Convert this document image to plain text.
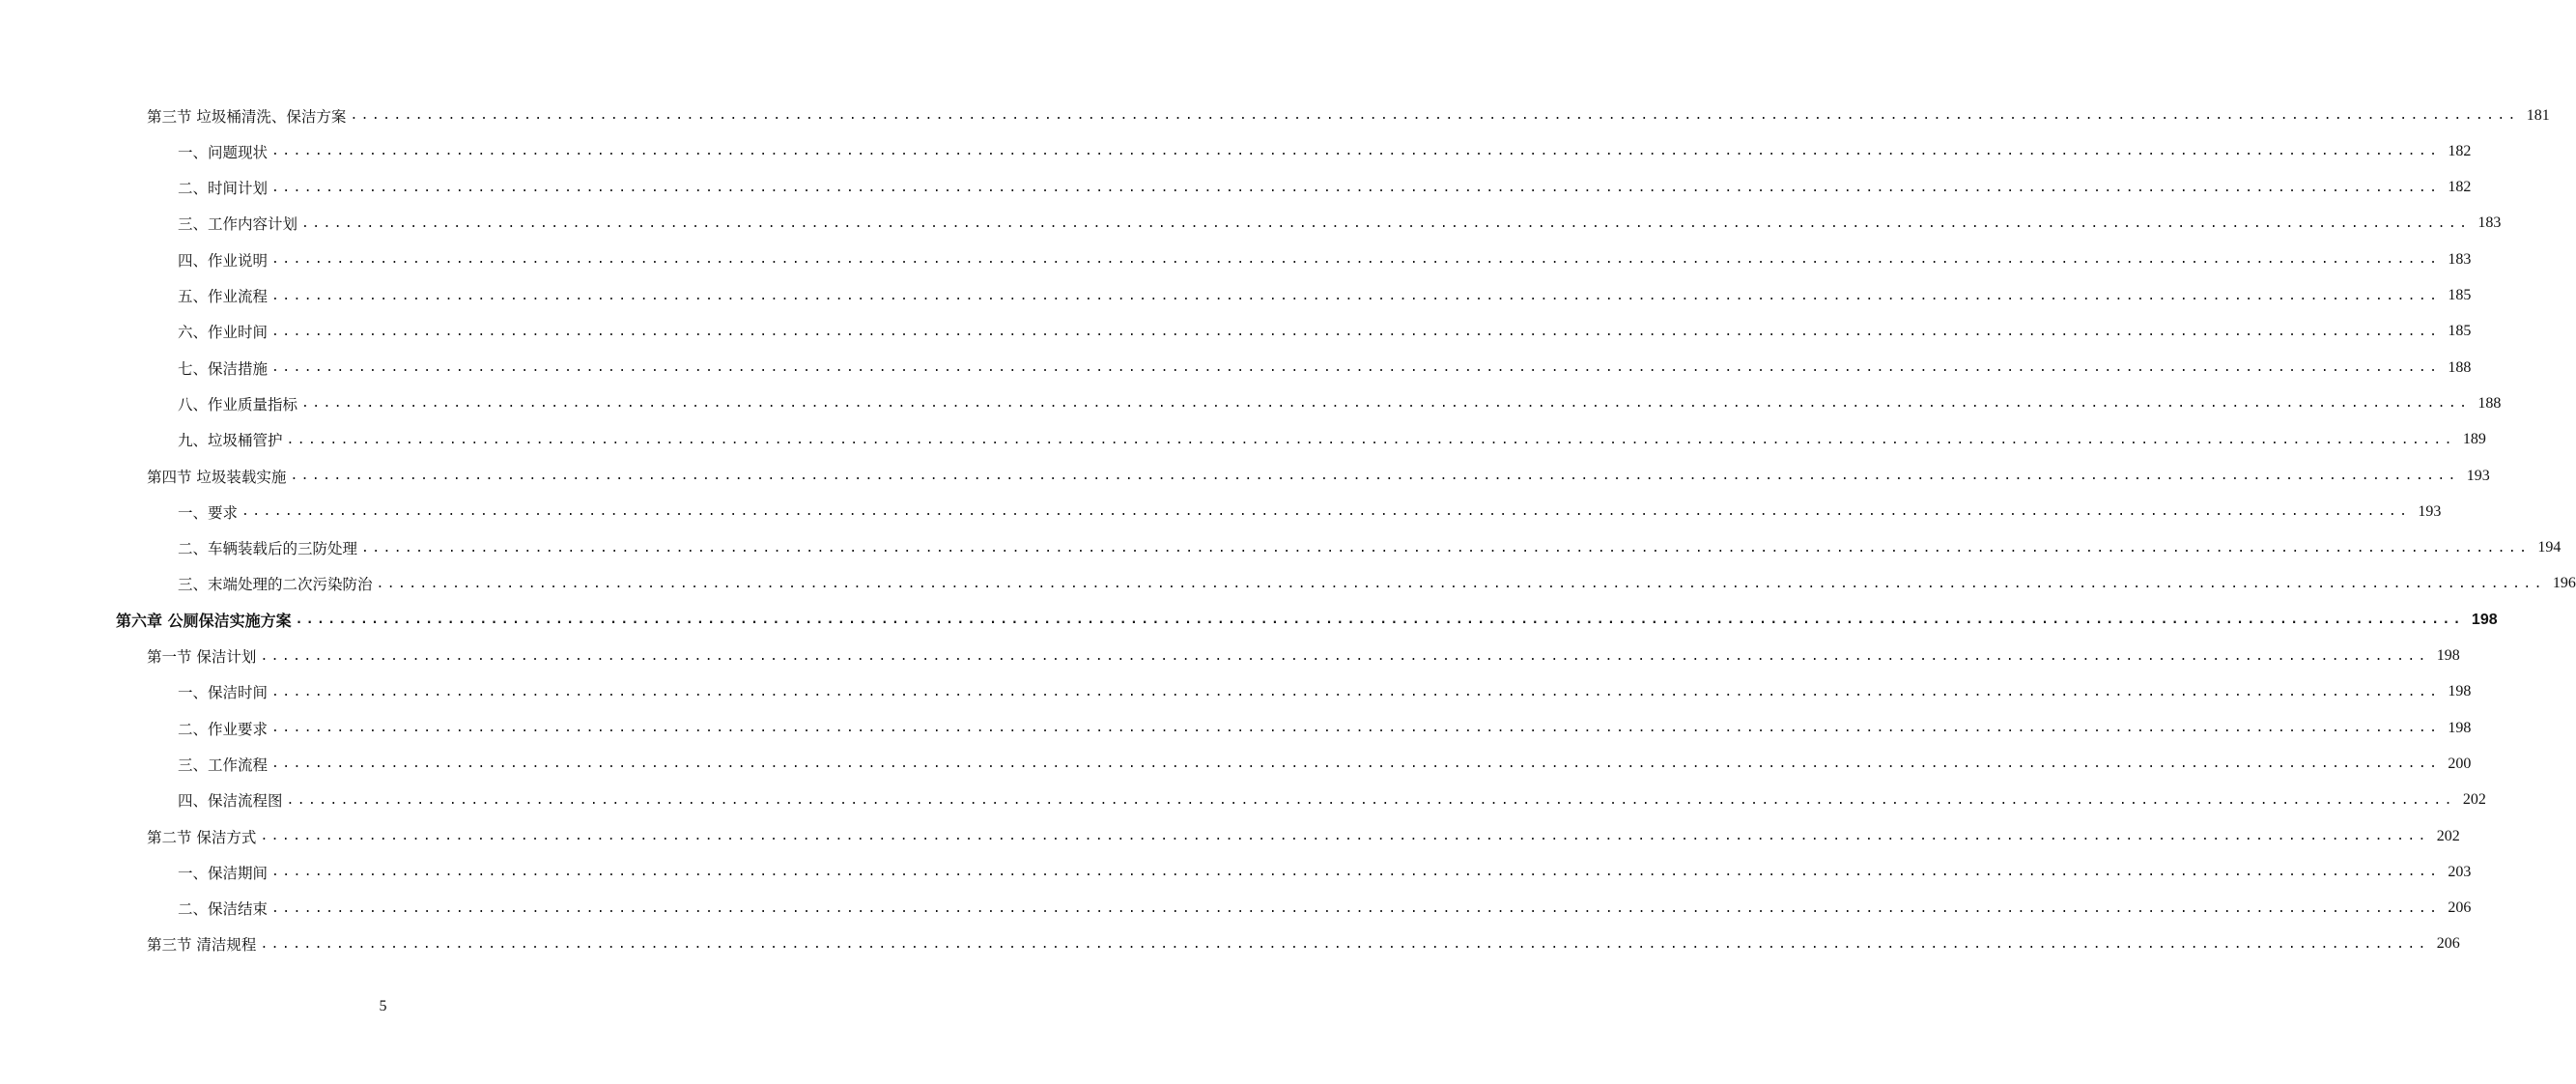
第三节 垃圾桶清洗、保洁方案 ........................................................................................................................................................................................................ 181
一、问题现状 ........................................................................................................................................................................................................ 182
二、时间计划 ........................................................................................................................................................................................................ 182
三、工作内容计划 ........................................................................................................................................................................................................ 183
四、作业说明 ........................................................................................................................................................................................................ 183
五、作业流程 ........................................................................................................................................................................................................ 185
六、作业时间 ........................................................................................................................................................................................................ 185
七、保洁措施 ........................................................................................................................................................................................................ 188
八、作业质量指标 ........................................................................................................................................................................................................ 188
九、垃圾桶管护 ........................................................................................................................................................................................................ 189
第四节 垃圾装载实施 ........................................................................................................................................................................................................ 193
一、要求 ........................................................................................................................................................................................................ 193
二、车辆装载后的三防处理 ........................................................................................................................................................................................................ 194
三、末端处理的二次污染防治 ........................................................................................................................................................................................................ 196
第六章 公厕保洁实施方案 ........................................................................................................................................................................................................ 198
第一节 保洁计划 ........................................................................................................................................................................................................ 198
一、保洁时间 ........................................................................................................................................................................................................ 198
二、作业要求 ........................................................................................................................................................................................................ 198
三、工作流程 ........................................................................................................................................................................................................ 200
四、保洁流程图 ........................................................................................................................................................................................................ 202
第二节 保洁方式 ........................................................................................................................................................................................................ 202
一、保洁期间 ........................................................................................................................................................................................................ 203
二、保洁结束 ........................................................................................................................................................................................................ 206
第三节 清洁规程 ........................................................................................................................................................................................................ 206
5
